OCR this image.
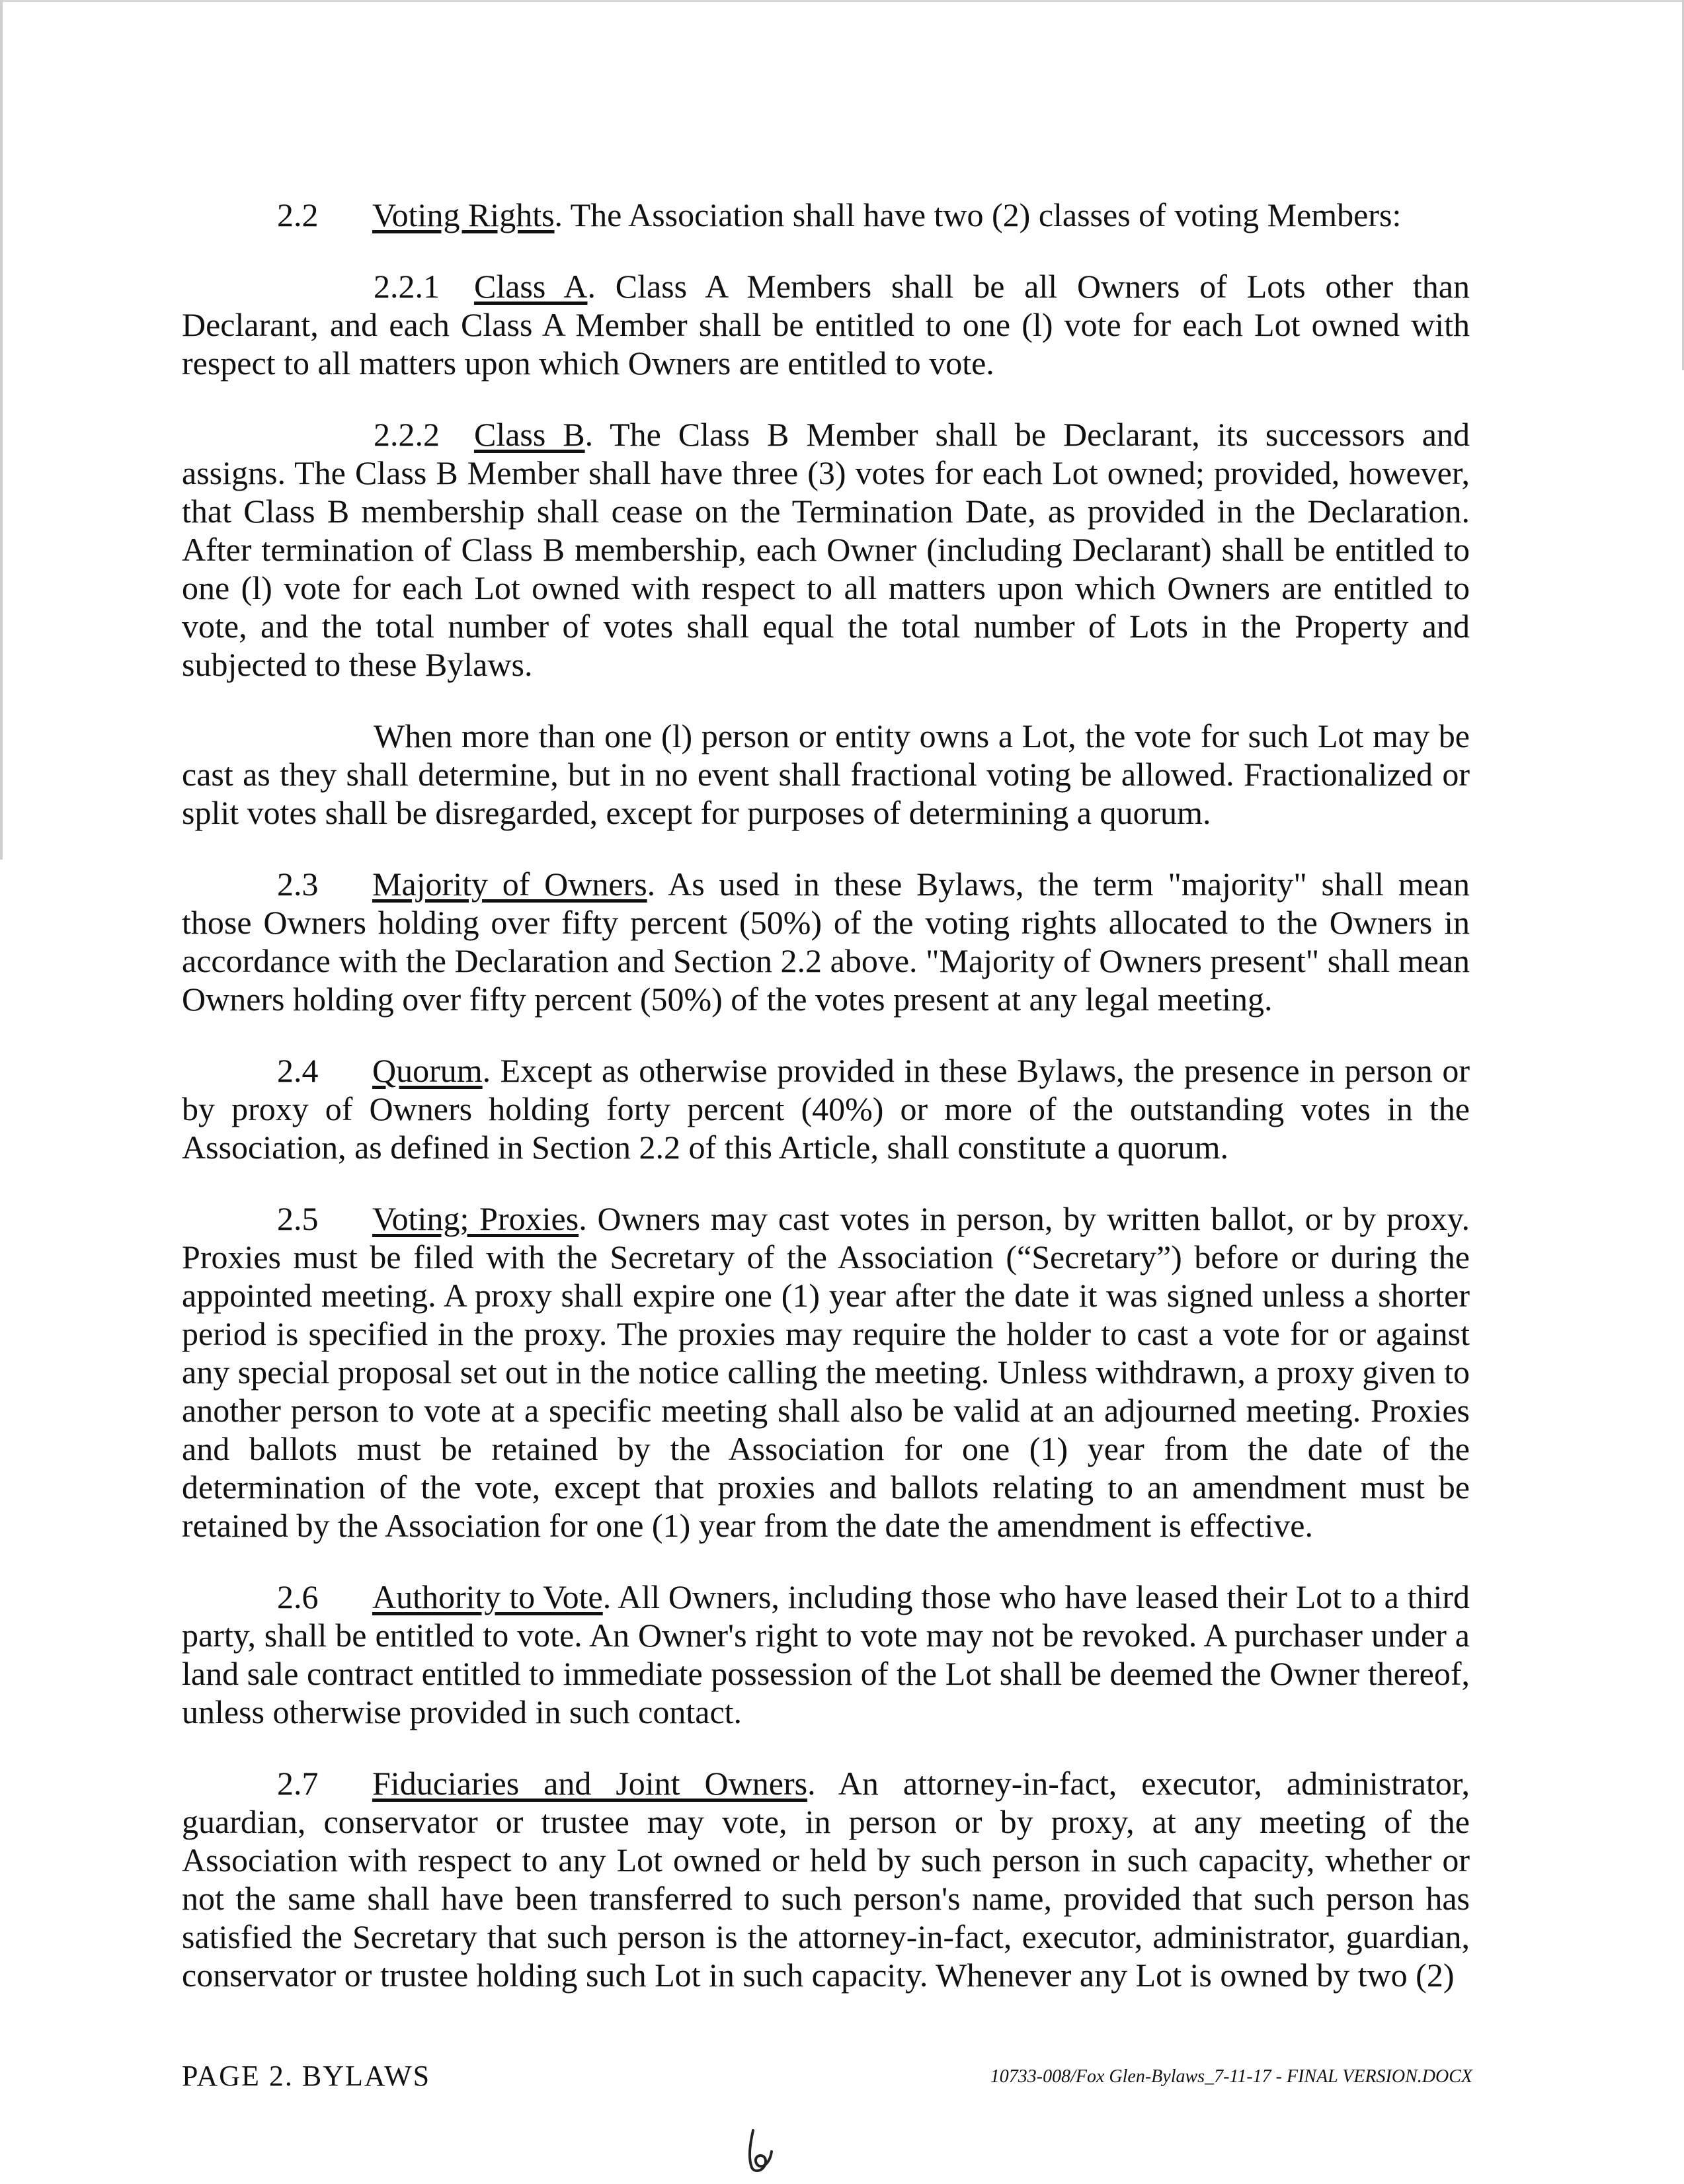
2.2 Voting Rights. The Association shall have two (2) classes of voting Members:

2.2.1 Class A. Class A Members shall be all Owners of Lots other than Declarant, and each Class A Member shall be entitled to one (l) vote for each Lot owned with respect to all matters upon which Owners are entitled to vote.

2.2.2 Class B. The Class B Member shall be Declarant, its successors and assigns. The Class B Member shall have three (3) votes for each Lot owned; provided, however, that Class B membership shall cease on the Termination Date, as provided in the Declaration. After termination of Class B membership, each Owner (including Declarant) shall be entitled to one (l) vote for each Lot owned with respect to all matters upon which Owners are entitled to vote, and the total number of votes shall equal the total number of Lots in the Property and subjected to these Bylaws.

When more than one (l) person or entity owns a Lot, the vote for such Lot may be cast as they shall determine, but in no event shall fractional voting be allowed. Fractionalized or split votes shall be disregarded, except for purposes of determining a quorum.

2.3 Majority of Owners. As used in these Bylaws, the term "majority" shall mean those Owners holding over fifty percent (50%) of the voting rights allocated to the Owners in accordance with the Declaration and Section 2.2 above. "Majority of Owners present" shall mean Owners holding over fifty percent (50%) of the votes present at any legal meeting.

2.4 Quorum. Except as otherwise provided in these Bylaws, the presence in person or by proxy of Owners holding forty percent (40%) or more of the outstanding votes in the Association, as defined in Section 2.2 of this Article, shall constitute a quorum.

2.5 Voting; Proxies. Owners may cast votes in person, by written ballot, or by proxy. Proxies must be filed with the Secretary of the Association (“Secretary”) before or during the appointed meeting. A proxy shall expire one (1) year after the date it was signed unless a shorter period is specified in the proxy. The proxies may require the holder to cast a vote for or against any special proposal set out in the notice calling the meeting. Unless withdrawn, a proxy given to another person to vote at a specific meeting shall also be valid at an adjourned meeting. Proxies and ballots must be retained by the Association for one (1) year from the date of the determination of the vote, except that proxies and ballots relating to an amendment must be retained by the Association for one (1) year from the date the amendment is effective.

2.6 Authority to Vote. All Owners, including those who have leased their Lot to a third party, shall be entitled to vote. An Owner's right to vote may not be revoked. A purchaser under a land sale contract entitled to immediate possession of the Lot shall be deemed the Owner thereof, unless otherwise provided in such contact.

2.7 Fiduciaries and Joint Owners. An attorney-in-fact, executor, administrator, guardian, conservator or trustee may vote, in person or by proxy, at any meeting of the Association with respect to any Lot owned or held by such person in such capacity, whether or not the same shall have been transferred to such person's name, provided that such person has satisfied the Secretary that such person is the attorney-in-fact, executor, administrator, guardian, conservator or trustee holding such Lot in such capacity. Whenever any Lot is owned by two (2)

PAGE 2. BYLAWS	10733-008/Fox Glen-Bylaws_7-11-17 - FINAL VERSION.DOCX
